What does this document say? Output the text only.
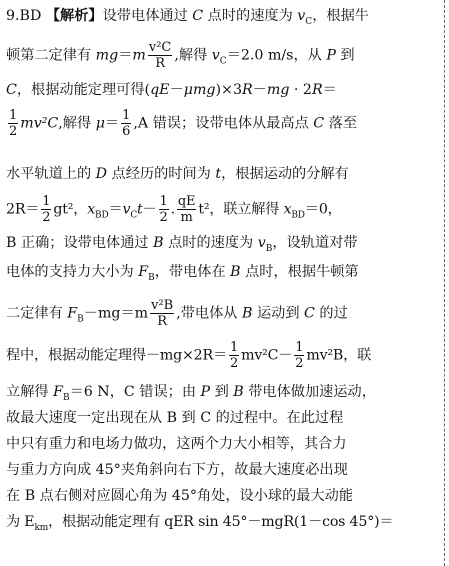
9.BD 【解析】设带电体通过 C 点时的速度为 $v_C$，根据牛
顿第二定律有 $mg=m \frac{\text{v²C}}{R}$ ,解得 $v_C=2.0$ m/s，从 P 到
C，根据动能定理可得(qE－μmg)×3R－mg · 2R＝
$\frac{1}{2} mv^2C$,解得 $\mu= \frac{1}{6} ,A$ 错误；设带电体从最高点 C 落至
水平轨道上的 D 点经历的时间为 t，根据运动的分解有
$2R= \frac{1}{2} gt^2$，$x_{BD}=v_Ct- \frac{1}{2}$ . $\frac{qE}{m} t^2$，联立解得 $x_{BD}=0$，
B 正确；设带电体通过 B 点时的速度为 $v_B$，设轨道对带
电体的支持力大小为 $F_B$，带电体在 B 点时，根据牛顿第
二定律有 $F_B-mg=m \frac{\text{v²B}}{R}$ ,带电体从 B 运动到 C 的过
程中，根据动能定理得$-mg\times 2R= \frac{1}{2} mv^2C- \frac{1}{2} mv^2B$，联
立解得 $F_B=6$ N，C 错误；由 P 到 B 带电体做加速运动，
故最大速度一定出现在从 B 到 C 的过程中。在此过程
中只有重力和电场力做功，这两个力大小相等，其合力
与重力方向成 45°夹角斜向右下方，故最大速度必出现
在 B 点右侧对应圆心角为 45°角处，设小球的最大动能
为 $E_{km}$，根据动能定理有 qER sin 45°－mgR(1－cos 45°)＝
